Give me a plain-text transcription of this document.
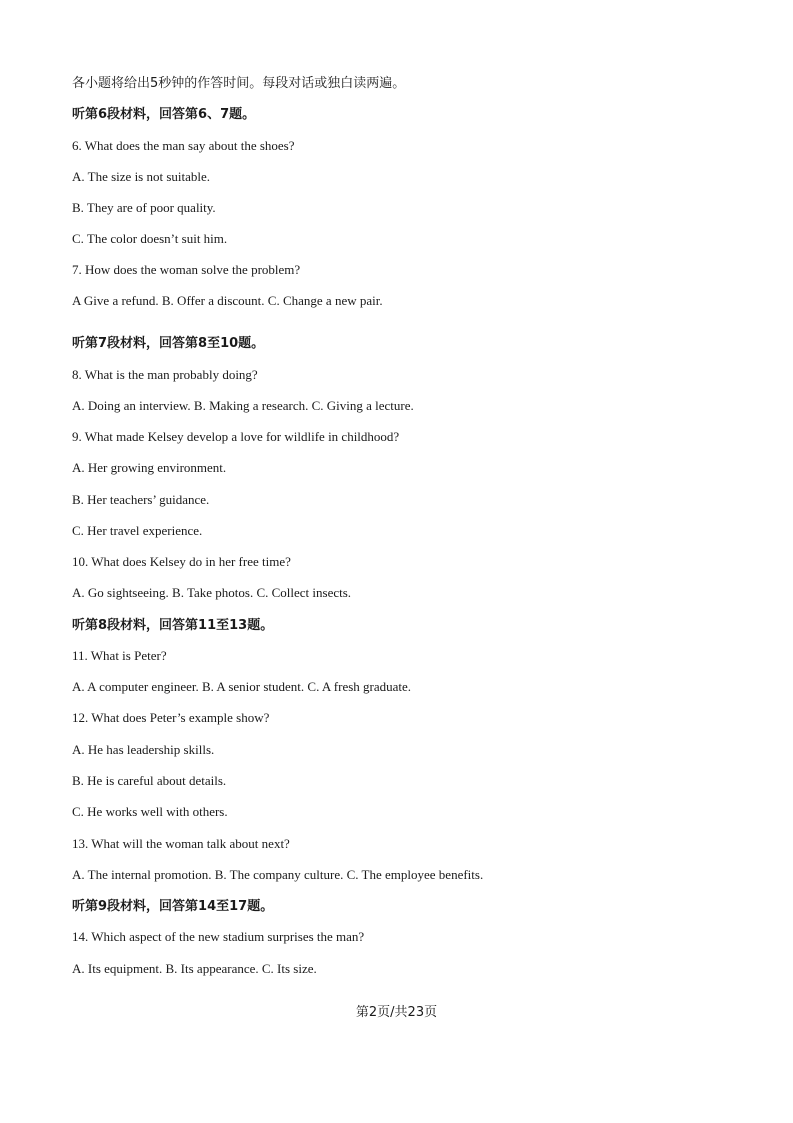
各小题将给出5秒钟的作答时间。每段对话或独白读两遍。
听第6段材料，回答第6、7题。
6. What does the man say about the shoes?
A. The size is not suitable.
B. They are of poor quality.
C. The color doesn’t suit him.
7. How does the woman solve the problem?
A Give a refund. B. Offer a discount. C. Change a new pair.
听第7段材料，回答第8至10题。
8. What is the man probably doing?
A. Doing an interview. B. Making a research. C. Giving a lecture.
9. What made Kelsey develop a love for wildlife in childhood?
A. Her growing environment.
B. Her teachers’ guidance.
C. Her travel experience.
10. What does Kelsey do in her free time?
A. Go sightseeing. B. Take photos. C. Collect insects.
听第8段材料，回答第11至13题。
11. What is Peter?
A. A computer engineer. B. A senior student. C. A fresh graduate.
12. What does Peter’s example show?
A. He has leadership skills.
B. He is careful about details.
C. He works well with others.
13. What will the woman talk about next?
A. The internal promotion. B. The company culture. C. The employee benefits.
听第9段材料，回答第14至17题。
14. Which aspect of the new stadium surprises the man?
A. Its equipment. B. Its appearance. C. Its size.
第2页/共23页
